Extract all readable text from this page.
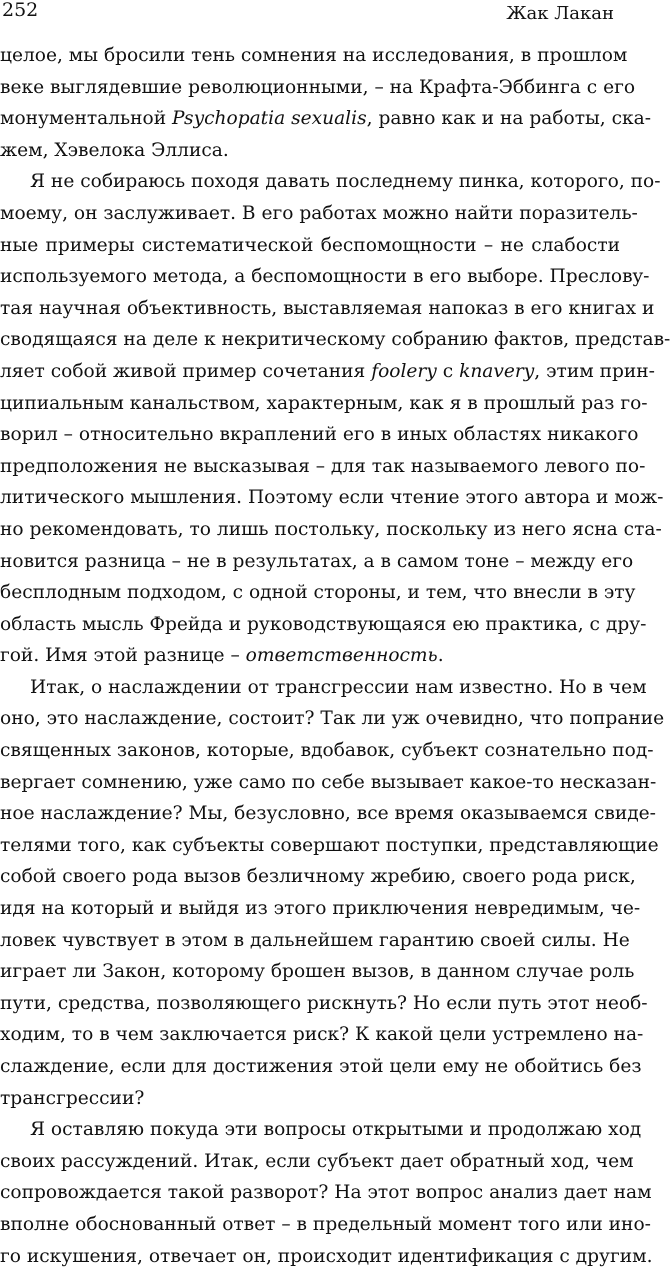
252	Жак Лакан
целое, мы бросили тень сомнения на исследования, в прошлом
веке выглядевшие революционными, – на Крафта-Эббинга с его
монументальной Psychopatia sexualis, равно как и на работы, ска-
жем, Хэвелока Эллиса.
Я не собираюсь походя давать последнему пинка, которого, по-
моему, он заслуживает. В его работах можно найти поразитель-
ные примеры систематической беспомощности – не слабости
используемого метода, а беспомощности в его выборе. Пресловy-
тая научная объективность, выставляемая напоказ в его книгах и
сводящаяся на деле к некритическому собранию фактов, представ-
ляет собой живой пример сочетания foolery с knavery, этим прин-
ципиальным канальством, характерным, как я в прошлый раз го-
ворил – относительно вкраплений его в иных областях никакого
предположения не высказывая – для так называемого левого по-
литического мышления. Поэтому если чтение этого автора и мож-
но рекомендовать, то лишь постольку, поскольку из него ясна ста-
новится разница – не в результатах, а в самом тоне – между его
бесплодным подходом, с одной стороны, и тем, что внесли в эту
область мысль Фрейда и руководствующаяся ею практика, с дру-
гой. Имя этой разнице – ответственность.
Итак, о наслаждении от трансгрессии нам известно. Но в чем
оно, это наслаждение, состоит? Так ли уж очевидно, что попрание
священных законов, которые, вдобавок, субъект сознательно под-
вергает сомнению, уже само по себе вызывает какое-то несказан-
ное наслаждение? Мы, безусловно, все время оказываемся свиде-
телями того, как субъекты совершают поступки, представляющие
собой своего рода вызов безличному жребию, своего рода риск,
идя на который и выйдя из этого приключения невредимым, че-
ловек чувствует в этом в дальнейшем гарантию своей силы. Не
играет ли Закон, которому брошен вызов, в данном случае роль
пути, средства, позволяющего рискнуть? Но если путь этот необ-
ходим, то в чем заключается риск? К какой цели устремлено на-
слаждение, если для достижения этой цели ему не обойтись без
трансгрессии?
Я оставляю покуда эти вопросы открытыми и продолжаю ход
своих рассуждений. Итак, если субъект дает обратный ход, чем
сопровождается такой разворот? На этот вопрос анализ дает нам
вполне обоснованный ответ – в предельный момент того или ино-
го искушения, отвечает он, происходит идентификация с другим.
